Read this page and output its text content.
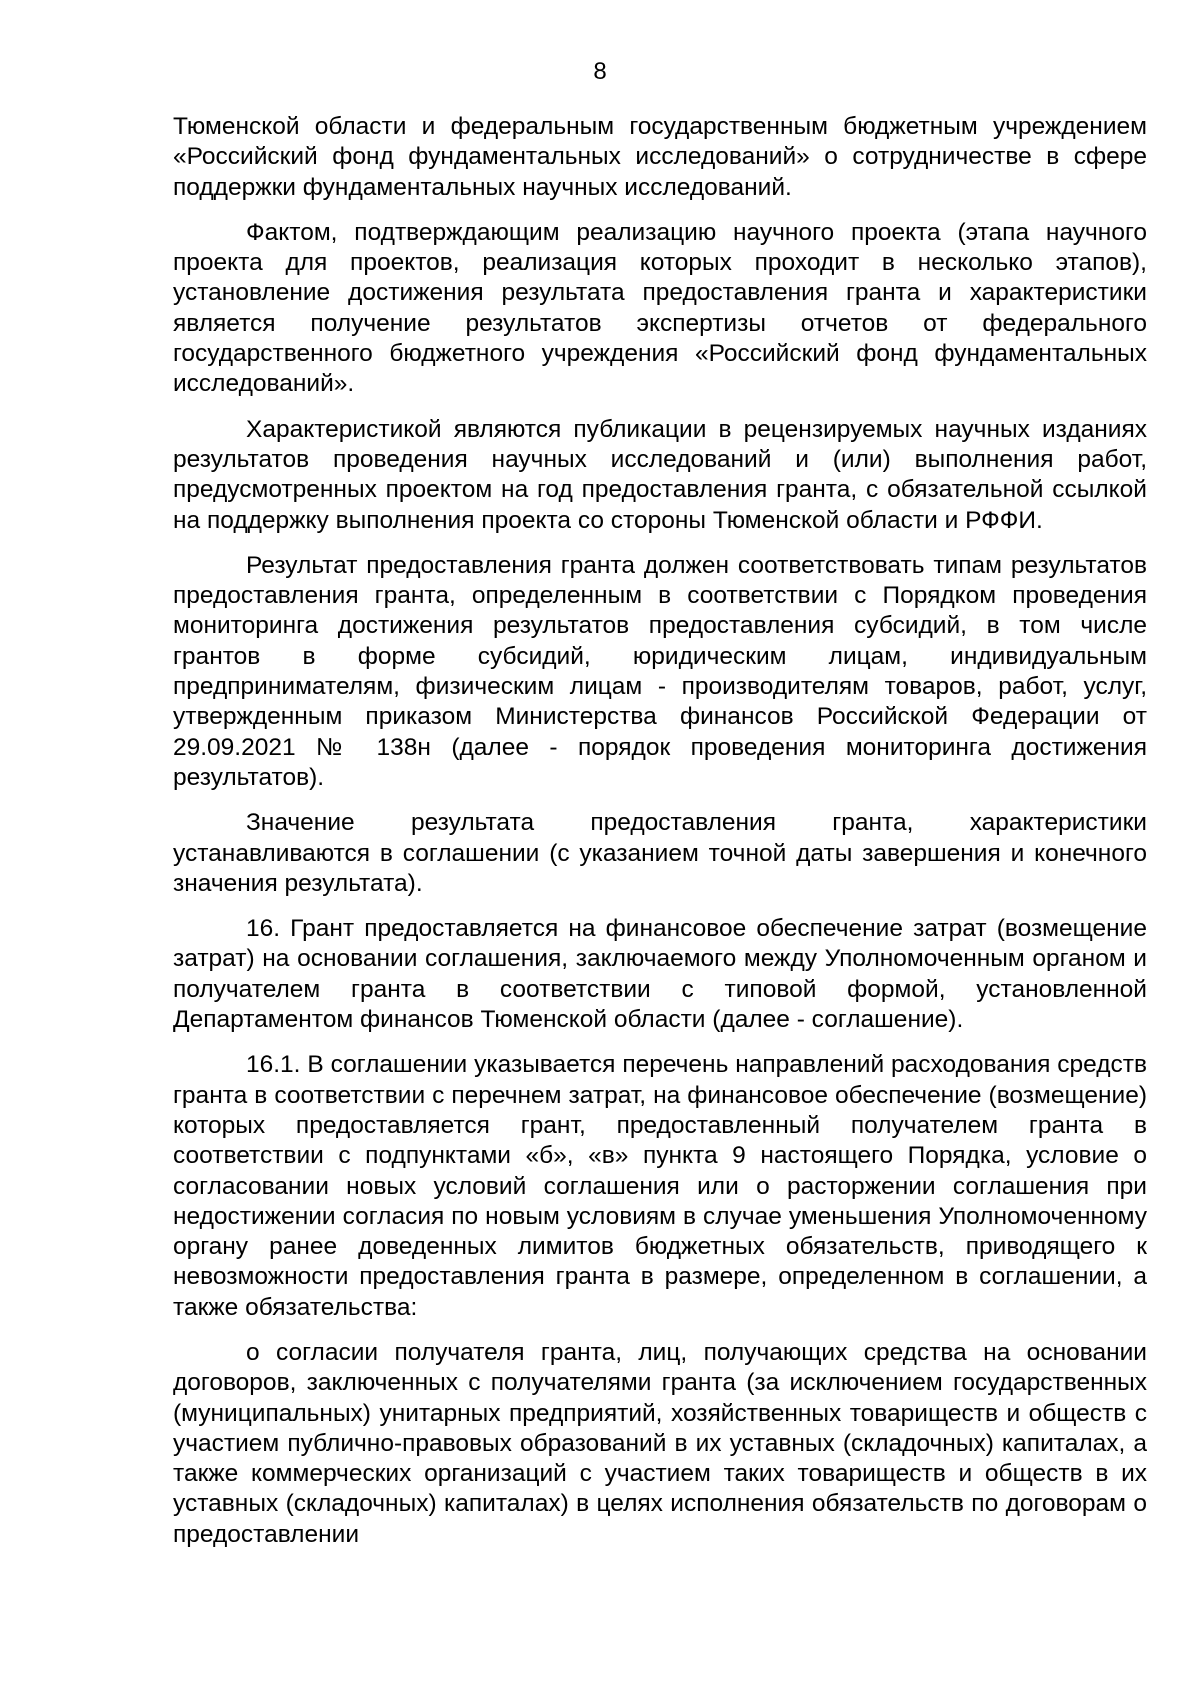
8

Тюменской области и федеральным государственным бюджетным учреждением «Российский фонд фундаментальных исследований» о сотрудничестве в сфере поддержки фундаментальных научных исследований.

Фактом, подтверждающим реализацию научного проекта (этапа научного проекта для проектов, реализация которых проходит в несколько этапов), установление достижения результата предоставления гранта и характеристики является получение результатов экспертизы отчетов от федерального государственного бюджетного учреждения «Российский фонд фундаментальных исследований».

Характеристикой являются публикации в рецензируемых научных изданиях результатов проведения научных исследований и (или) выполнения работ, предусмотренных проектом на год предоставления гранта, с обязательной ссылкой на поддержку выполнения проекта со стороны Тюменской области и РФФИ.

Результат предоставления гранта должен соответствовать типам результатов предоставления гранта, определенным в соответствии с Порядком проведения мониторинга достижения результатов предоставления субсидий, в том числе грантов в форме субсидий, юридическим лицам, индивидуальным предпринимателям, физическим лицам - производителям товаров, работ, услуг, утвержденным приказом Министерства финансов Российской Федерации от 29.09.2021 № 138н (далее - порядок проведения мониторинга достижения результатов).

Значение результата предоставления гранта, характеристики устанавливаются в соглашении (с указанием точной даты завершения и конечного значения результата).

16. Грант предоставляется на финансовое обеспечение затрат (возмещение затрат) на основании соглашения, заключаемого между Уполномоченным органом и получателем гранта в соответствии с типовой формой, установленной Департаментом финансов Тюменской области (далее - соглашение).

16.1. В соглашении указывается перечень направлений расходования средств гранта в соответствии с перечнем затрат, на финансовое обеспечение (возмещение) которых предоставляется грант, предоставленный получателем гранта в соответствии с подпунктами «б», «в» пункта 9 настоящего Порядка, условие о согласовании новых условий соглашения или о расторжении соглашения при недостижении согласия по новым условиям в случае уменьшения Уполномоченному органу ранее доведенных лимитов бюджетных обязательств, приводящего к невозможности предоставления гранта в размере, определенном в соглашении, а также обязательства:

о согласии получателя гранта, лиц, получающих средства на основании договоров, заключенных с получателями гранта (за исключением государственных (муниципальных) унитарных предприятий, хозяйственных товариществ и обществ с участием публично-правовых образований в их уставных (складочных) капиталах, а также коммерческих организаций с участием таких товариществ и обществ в их уставных (складочных) капиталах) в целях исполнения обязательств по договорам о предоставлении
